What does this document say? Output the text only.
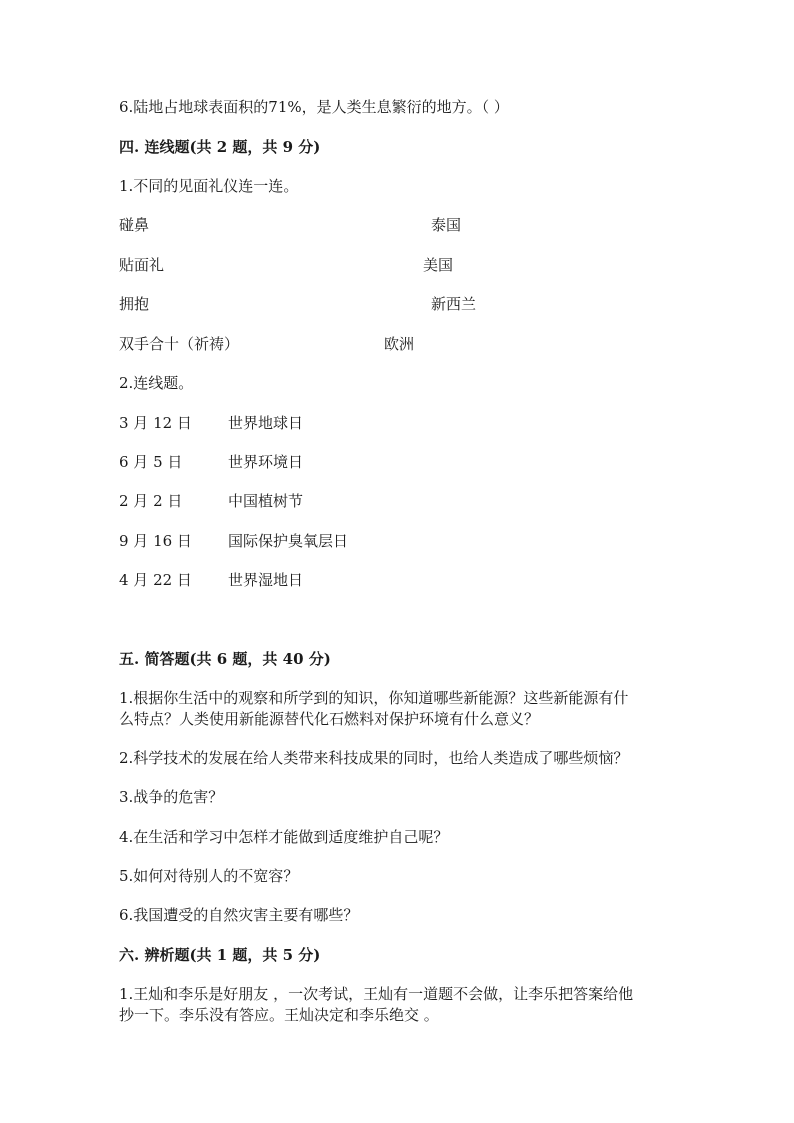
6.陆地占地球表面积的71%，是人类生息繁衍的地方。（ ）
四. 连线题(共 2 题，共 9 分)
1.不同的见面礼仪连一连。
碰鼻	泰国
贴面礼	美国
拥抱	新西兰
双手合十（祈祷）	欧洲
2.连线题。
3 月 12 日 世界地球日
6 月 5 日	世界环境日
2 月 2 日	中国植树节
9 月 16 日 国际保护臭氧层日
4 月 22 日 世界湿地日
五. 简答题(共 6 题，共 40 分)
1.根据你生活中的观察和所学到的知识，你知道哪些新能源？这些新能源有什
么特点？人类使用新能源替代化石燃料对保护环境有什么意义？
2.科学技术的发展在给人类带来科技成果的同时，也给人类造成了哪些烦恼？
3.战争的危害？
4.在生活和学习中怎样才能做到适度维护自己呢？
5.如何对待别人的不宽容？
6.我国遭受的自然灾害主要有哪些？
六. 辨析题(共 1 题，共 5 分)
1.王灿和李乐是好朋友 ，一次考试，王灿有一道题不会做，让李乐把答案给他
抄一下。李乐没有答应。王灿决定和李乐绝交 。
